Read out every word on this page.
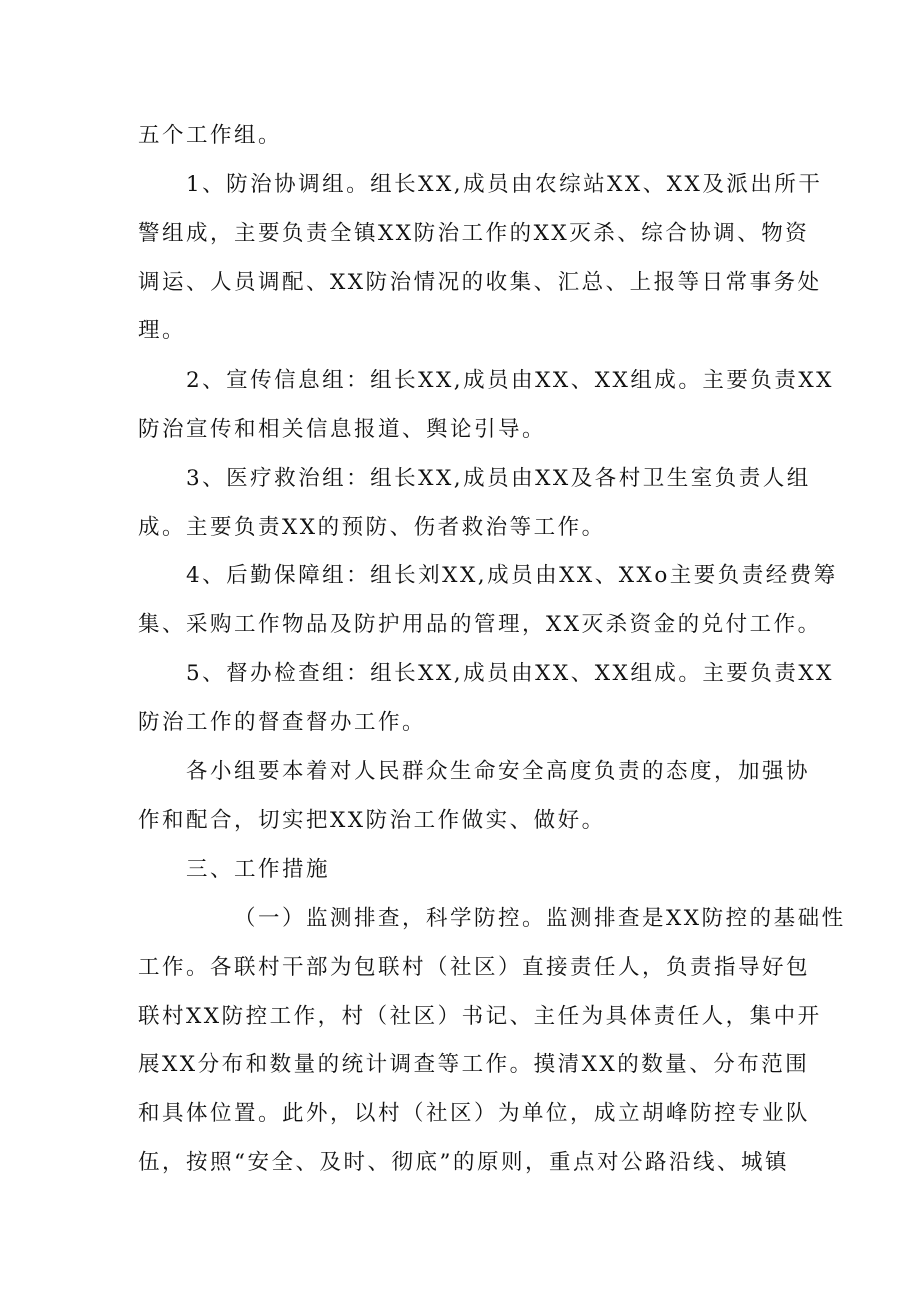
五个工作组。
1、防治协调组。组长XX,成员由农综站XX、XX及派出所干
警组成，主要负责全镇XX防治工作的XX灭杀、综合协调、物资
调运、人员调配、XX防治情况的收集、汇总、上报等日常事务处
理。
2、宣传信息组：组长XX,成员由XX、XX组成。主要负责XX
防治宣传和相关信息报道、舆论引导。
3、医疗救治组：组长XX,成员由XX及各村卫生室负责人组
成。主要负责XX的预防、伤者救治等工作。
4、后勤保障组：组长刘XX,成员由XX、XXo主要负责经费筹
集、采购工作物品及防护用品的管理，XX灭杀资金的兑付工作。
5、督办检查组：组长XX,成员由XX、XX组成。主要负责XX
防治工作的督查督办工作。
各小组要本着对人民群众生命安全高度负责的态度，加强协
作和配合，切实把XX防治工作做实、做好。
三、工作措施
（一）监测排查，科学防控。监测排查是XX防控的基础性
工作。各联村干部为包联村（社区）直接责任人，负责指导好包
联村XX防控工作，村（社区）书记、主任为具体责任人，集中开
展XX分布和数量的统计调查等工作。摸清XX的数量、分布范围
和具体位置。此外，以村（社区）为单位，成立胡峰防控专业队
伍，按照“安全、及时、彻底”的原则，重点对公路沿线、城镇
